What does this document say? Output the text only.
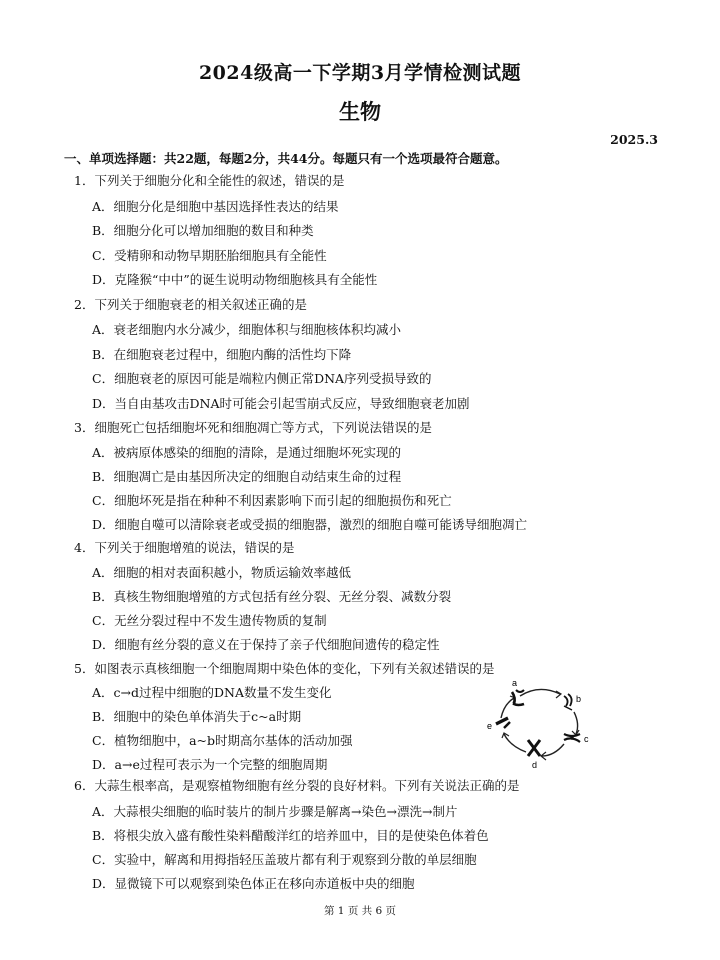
2024级高一下学期3月学情检测试题
生物
2025.3
一、单项选择题：共22题，每题2分，共44分。每题只有一个选项最符合题意。
1．下列关于细胞分化和全能性的叙述，错误的是
A．细胞分化是细胞中基因选择性表达的结果
B．细胞分化可以增加细胞的数目和种类
C．受精卵和动物早期胚胎细胞具有全能性
D．克隆猴“中中”的诞生说明动物细胞核具有全能性
2．下列关于细胞衰老的相关叙述正确的是
A．衰老细胞内水分减少，细胞体积与细胞核体积均减小
B．在细胞衰老过程中，细胞内酶的活性均下降
C．细胞衰老的原因可能是端粒内侧正常DNA序列受损导致的
D．当自由基攻击DNA时可能会引起雪崩式反应，导致细胞衰老加剧
3．细胞死亡包括细胞坏死和细胞凋亡等方式，下列说法错误的是
A．被病原体感染的细胞的清除，是通过细胞坏死实现的
B．细胞凋亡是由基因所决定的细胞自动结束生命的过程
C．细胞坏死是指在种种不利因素影响下而引起的细胞损伤和死亡
D．细胞自噬可以清除衰老或受损的细胞器，激烈的细胞自噬可能诱导细胞凋亡
4．下列关于细胞增殖的说法，错误的是
A．细胞的相对表面积越小，物质运输效率越低
B．真核生物细胞增殖的方式包括有丝分裂、无丝分裂、减数分裂
C．无丝分裂过程中不发生遗传物质的复制
D．细胞有丝分裂的意义在于保持了亲子代细胞间遗传的稳定性
5．如图表示真核细胞一个细胞周期中染色体的变化，下列有关叙述错误的是
A．c→d过程中细胞的DNA数量不发生变化
B．细胞中的染色单体消失于c~a时期
C．植物细胞中，a~b时期高尔基体的活动加强
D．a→e过程可表示为一个完整的细胞周期
a
b
c
d
e
6．大蒜生根率高，是观察植物细胞有丝分裂的良好材料。下列有关说法正确的是
A．大蒜根尖细胞的临时装片的制片步骤是解离→染色→漂洗→制片
B．将根尖放入盛有酸性染料醋酸洋红的培养皿中，目的是使染色体着色
C．实验中，解离和用拇指轻压盖玻片都有利于观察到分散的单层细胞
D．显微镜下可以观察到染色体正在移向赤道板中央的细胞
第 1 页 共 6 页
